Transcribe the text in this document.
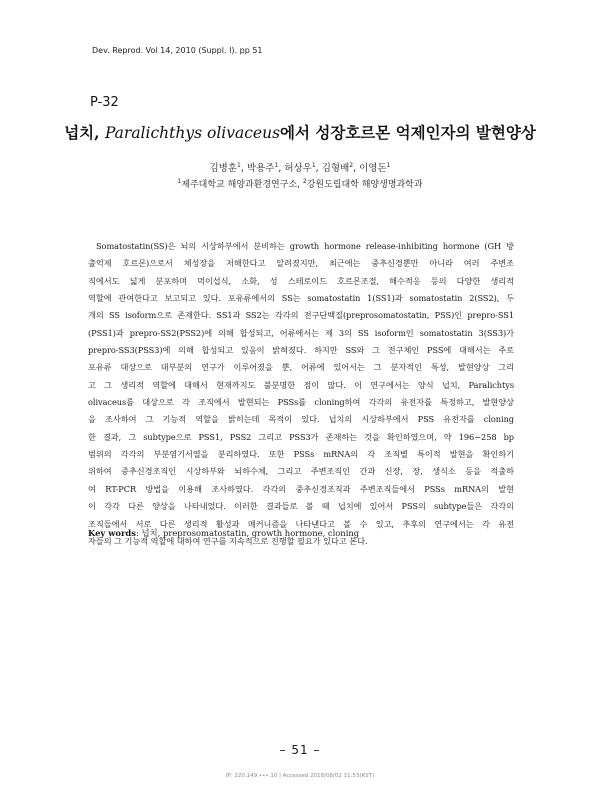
Dev. Reprod. Vol 14, 2010 (Suppl. I). pp 51
P-32
넙치, Paralichthys olivaceus에서 성장호르몬 억제인자의 발현양상
김병훈$^1$, 박용주$^1$, 허상우$^1$, 김형배$^2$, 이영돈$^1$
$^1$제주대학교 해양과환경연구소, $^2$강원도립대학 해양생명과학과
Somatostatin(SS)은 뇌의 시상하부에서 분비하는 growth hormone release-inhibiting hormone (GH 방
출억제 호르몬)으로서 체성장을 저해한다고 알려졌지만, 최근에는 중추신경뿐만 아니라 여러 주변조
직에서도 넓게 분포하며 먹이섭식, 소화, 성 스테로이드 호르몬조절, 해수적응 등의 다양한 생리적
역할에 관여한다고 보고되고 있다. 포유류에서의 SS는 somatostatin 1(SS1)과 somatostatin 2(SS2), 두
개의 SS isoform으로 존재한다. SS1과 SS2는 각각의 전구단백질(preprosomatostatin, PSS)인 prepro-SS1
(PSS1)과 prepro-SS2(PSS2)에 의해 합성되고, 어류에서는 제 3의 SS isoform인 somatostatin 3(SS3)가
prepro-SS3(PSS3)에 의해 합성되고 있음이 밝혀졌다. 하지만 SS와 그 전구체인 PSS에 대해서는 주로
포유류 대상으로 대부분의 연구가 이루어졌을 뿐, 어류에 있어서는 그 분자적인 특성, 발현양상 그리
고 그 생리적 역할에 대해서 현재까지도 불분명한 점이 많다. 이 연구에서는 양식 넙치, Paralichtys
olivaceus를 대상으로 각 조직에서 발현되는 PSSs를 cloning하여 각각의 유전자를 특정하고, 발현양상
을 조사하여 그 기능적 역할을 밝히는데 목적이 있다. 넙치의 시상하부에서 PSS 유전자를 cloning
한 결과, 그 subtype으로 PSS1, PSS2 그리고 PSS3가 존재하는 것을 확인하였으며, 약 196∼258 bp
범위의 각각의 부분염기서열을 분리하였다. 또한 PSSs mRNA의 각 조직별 특이적 발현을 확인하기
위하여 중추신경조직인 시상하부와 뇌하수체, 그리고 주변조직인 간과 신장, 장, 생식소 등을 적출하
여 RT-PCR 방법을 이용해 조사하였다. 각각의 중추신경조직과 주변조직들에서 PSSs mRNA의 발현
이 각각 다른 양상을 나타내었다. 이러한 결과들로 볼 때 넙치에 있어서 PSS의 subtype들은 각각의
조직들에서 서로 다른 생리적 활성과 메커니즘을 나타낸다고 볼 수 있고, 추후의 연구에서는 각 유전
자들의 그 기능적 역할에 대하여 연구를 지속적으로 진행할 필요가 있다고 본다.
Key words: 넙치, preprosomatostatin, growth hormone, cloning
– 51 –
IP: 220.149.•••.10 | Accessed 2018/08/02 11:53(KST)
